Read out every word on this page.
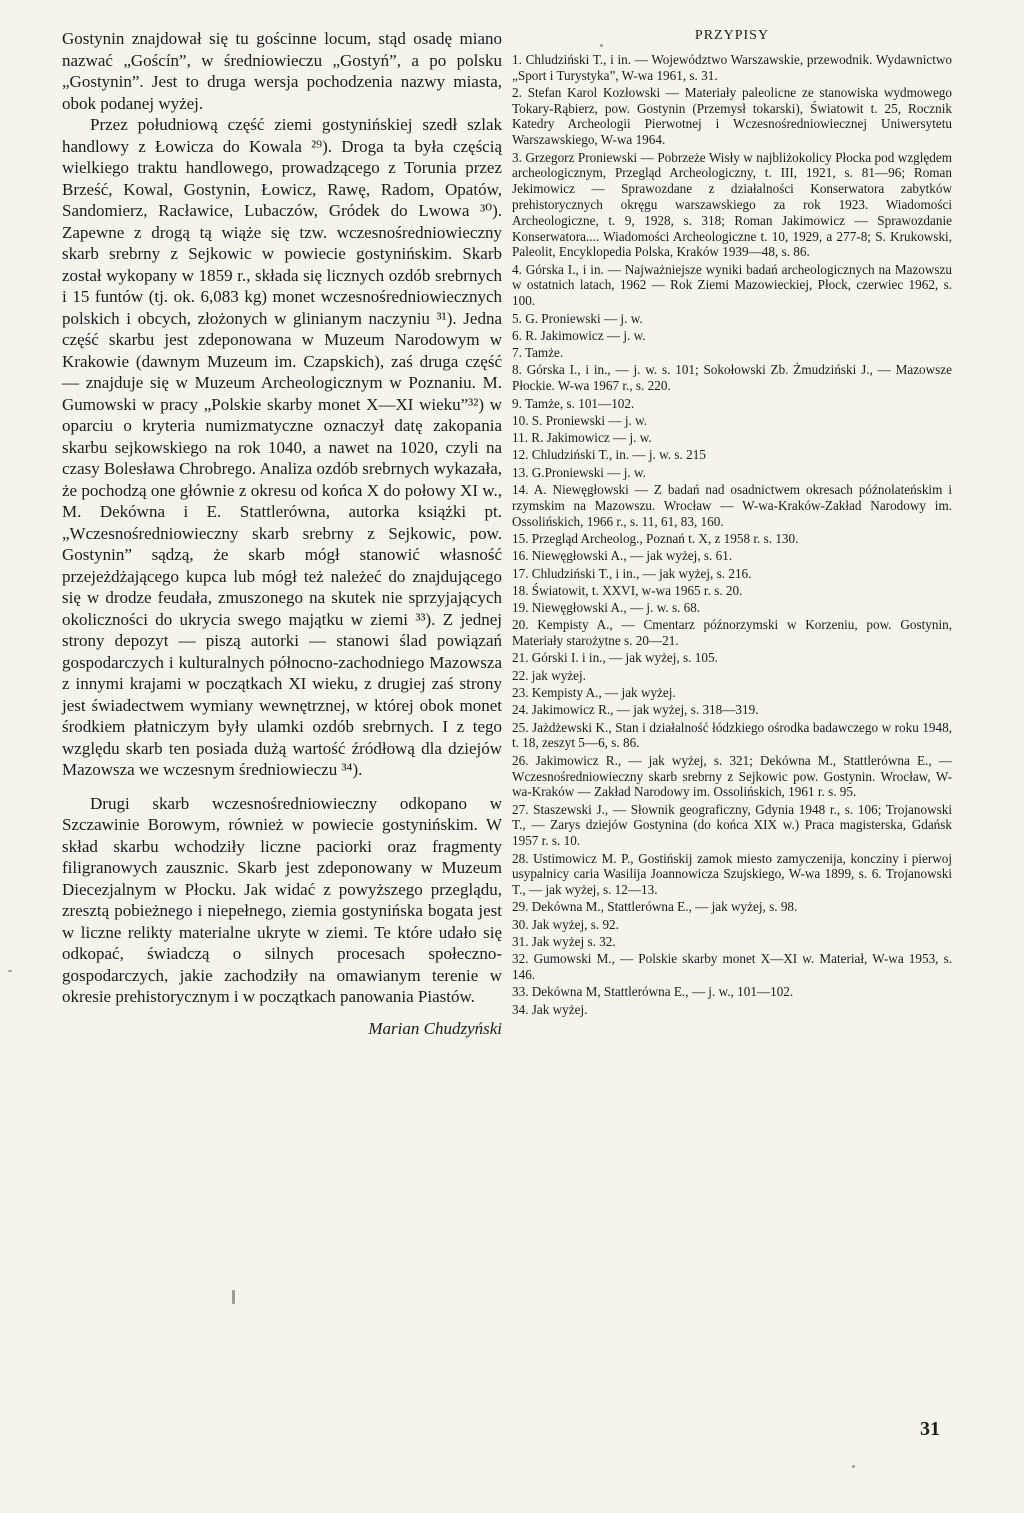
Gostynin znajdował się tu gościnne locum, stąd osadę miano nazwać „Goścín”, w średniowieczu „Gostyń”, a po polsku „Gostynin”. Jest to druga wersja pochodzenia nazwy miasta, obok podanej wyżej.

Przez południową część ziemi gostynińskiej szedł szlak handlowy z Łowicza do Kowala ²⁹). Droga ta była częścią wielkiego traktu handlowego, prowadzącego z Torunia przez Brześć, Kowal, Gostynin, Łowicz, Rawę, Radom, Opatów, Sandomierz, Racławice, Lubaczów, Gródek do Lwowa ³⁰). Zapewne z drogą tą wiąże się tzw. wczesnośredniowieczny skarb srebrny z Sejkowic w powiecie gostynińskim. Skarb został wykopany w 1859 r., składa się licznych ozdób srebrnych i 15 funtów (tj. ok. 6,083 kg) monet wczesnośredniowiecznych polskich i obcych, złożonych w glinianym naczyniu ³¹). Jedna część skarbu jest zdeponowana w Muzeum Narodowym w Krakowie (dawnym Muzeum im. Czapskich), zaś druga część — znajduje się w Muzeum Archeologicznym w Poznaniu. M. Gumowski w pracy „Polskie skarby monet X—XI wieku”³²) w oparciu o kryteria numizmatyczne oznaczył datę zakopania skarbu sejkowskiego na rok 1040, a nawet na 1020, czyli na czasy Bolesława Chrobrego. Analiza ozdób srebrnych wykazała, że pochodzą one głównie z okresu od końca X do połowy XI w., M. Dekówna i E. Stattlerówna, autorka książki pt. „Wczesnośredniowieczny skarb srebrny z Sejkowic, pow. Gostynin” sądzą, że skarb mógł stanowić własność przejeżdżającego kupca lub mógł też należeć do znajdującego się w drodze feudała, zmuszonego na skutek nie sprzyjających okoliczności do ukrycia swego majątku w ziemi ³³). Z jednej strony depozyt — piszą autorki — stanowi ślad powiązań gospodarczych i kulturalnych północno-zachodniego Mazowsza z innymi krajami w początkach XI wieku, z drugiej zaś strony jest świadectwem wymiany wewnętrznej, w której obok monet środkiem płatniczym były ulamki ozdób srebrnych. I z tego względu skarb ten posiada dużą wartość źródłową dla dziejów Mazowsza we wczesnym średniowieczu ³⁴).

Drugi skarb wczesnośredniowieczny odkopano w Szczawinie Borowym, również w powiecie gostynińskim. W skład skarbu wchodziły liczne paciorki oraz fragmenty filigranowych zausznic. Skarb jest zdeponowany w Muzeum Diecezjalnym w Płocku. Jak widać z powyższego przeglądu, zresztą pobieżnego i niepełnego, ziemia gostynińska bogata jest w liczne relikty materialne ukryte w ziemi. Te które udało się odkopać, świadczą o silnych procesach społeczno-gospodarczych, jakie zachodziły na omawianym terenie w okresie prehistorycznym i w początkach panowania Piastów.

Marian Chudzyński
PRZYPISY
1. Chludziński T., i in. — Województwo Warszawskie, przewodnik. Wydawnictwo „Sport i Turystyka”, W-wa 1961, s. 31.
2. Stefan Karol Kozłowski — Materiały paleolicne ze stanowiska wydmowego Tokary-Rąbierz, pow. Gostynin (Przemysł tokarski), Światowit t. 25, Rocznik Katedry Archeologii Pierwotnej i Wczesnośredniowiecznej Uniwersytetu Warszawskiego, W-wa 1964.
3. Grzegorz Proniewski — Pobrzeże Wisły w najbliżokolicy Płocka pod względem archeologicznym, Przegląd Archeologiczny, t. III, 1921, s. 81—96; Roman Jekimowicz — Sprawozdane z działalności Konserwatora zabytków prehistorycznych okręgu warszawskiego za rok 1923. Wiadomości Archeologiczne, t. 9, 1928, s. 318; Roman Jakimowicz — Sprawozdanie Konserwatora.... Wiadomości Archeologiczne t. 10, 1929, a 277-8; S. Krukowski, Paleolit, Encyklopedia Polska, Kraków 1939—48, s. 86.
4. Górska I., i in. — Najważniejsze wyniki badań archeologicznych na Mazowszu w ostatnich latach, 1962 — Rok Ziemi Mazowieckiej, Płock, czerwiec 1962, s. 100.
5. G. Proniewski — j. w.
6. R. Jakimowicz — j. w.
7. Tamże.
8. Górska I., i in., — j. w. s. 101; Sokołowski Zb. Żmudziński J., — Mazowsze Płockie. W-wa 1967 r., s. 220.
9. Tamże, s. 101—102.
10. S. Proniewski — j. w.
11. R. Jakimowicz — j. w.
12. Chludziński T., in. — j. w. s. 215
13. G.Proniewski — j. w.
14. A. Niewęgłowski — Z badań nad osadnictwem okresach późnolateńskim i rzymskim na Mazowszu. Wrocław — W-wa-Kraków-Zakład Narodowy im. Ossolińskich, 1966 r., s. 11, 61, 83, 160.
15. Przegląd Archeolog., Poznań t. X, z 1958 r. s. 130.
16. Niewęgłowski A., — jak wyżej, s. 61.
17. Chludziński T., i in., — jak wyżej, s. 216.
18. Światowit, t. XXVI, w-wa 1965 r. s. 20.
19. Niewęgłowski A., — j. w. s. 68.
20. Kempisty A., — Cmentarz późnorzymski w Korzeniu, pow. Gostynin, Materiały starożytne s. 20—21.
21. Górski I. i in., — jak wyżej, s. 105.
22. jak wyżej.
23. Kempisty A., — jak wyżej.
24. Jakimowicz R., — jak wyżej, s. 318—319.
25. Jażdżewski K., Stan i działalność łódzkiego ośrodka badawczego w roku 1948, t. 18, zeszyt 5—6, s. 86.
26. Jakimowicz R., — jak wyżej, s. 321; Dekówna M., Stattlerówna E., — Wczesnośredniowieczny skarb srebrny z Sejkowic pow. Gostynin. Wrocław, W-wa-Kraków — Zakład Narodowy im. Ossolińskich, 1961 r. s. 95.
27. Staszewski J., — Słownik geograficzny, Gdynia 1948 r., s. 106; Trojanowski T., — Zarys dziejów Gostynina (do końca XIX w.) Praca magisterska, Gdańsk 1957 r. s. 10.
28. Ustimowicz M. P., Gostińskij zamok miesto zamyczenija, konczinу i pierwoj usypalnicy caria Wasilija Joannowicza Szujskiego, W-wa 1899, s. 6. Trojanowski T., — jak wyżej, s. 12—13.
29. Dekówna M., Stattlerówna E., — jak wyżej, s. 98.
30. Jak wyżej, s. 92.
31. Jak wyżej s. 32.
32. Gumowski M., — Polskie skarby monet X—XI w. Materiał, W-wa 1953, s. 146.
33. Dekówna M, Stattlerówna E., — j. w., 101—102.
34. Jak wyżej.
31
